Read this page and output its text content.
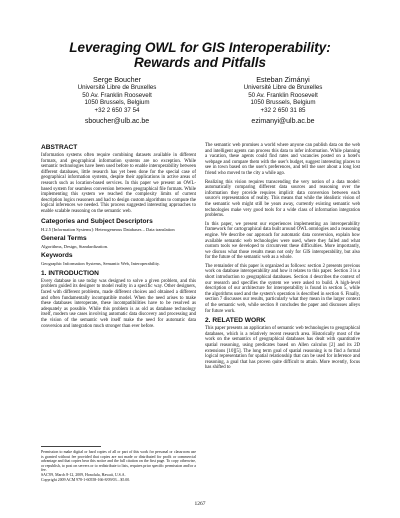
Leveraging OWL for GIS Interoperability:
Rewards and Pitfalls
Serge Boucher
Université Libre de Bruxelles
50 Av. Franklin Roosevelt
1050 Brussels, Belgium
+32 2 650 37 54
sboucher@ulb.ac.be
Esteban Zimányi
Université Libre de Bruxelles
50 Av. Franklin Roosevelt
1050 Brussels, Belgium
+32 2 650 31 85
ezimanyi@ulb.ac.be
ABSTRACT
Information systems often require combining datasets available in different formats, and geographical information systems are no exception. While semantic technologies have been used before to enable interoperability between different databases, little research has yet been done for the special case of geographical information systems, despite their applications in active areas of research such as location-based services. In this paper we present an OWL-based system for seamless conversion between geographical file formats. While implementing this system we reached the complexity limits of current description logics reasoners and had to design custom algorithms to compute the logical inferences we needed. This process suggested interesting approaches to enable scalable reasoning on the semantic web.
Categories and Subject Descriptors
H.2.5 [Information Systems]: Heterogeneous Databases – Data translation
General Terms
Algorithms, Design, Standardization.
Keywords
Geographic Information Systems, Semantic Web, Interoperability.
1. INTRODUCTION
Every database in use today was designed to solve a given problem, and this problem guided its designer to model reality in a specific way. Other designers, faced with different problems, made different choices and obtained a different and often fundamentally incompatible model. When the need arises to make these databases interoperate, these incompatibilities have to be resolved as adequately as possible. While this problem is as old as database technology itself, modern use cases involving automatic data discovery and processing and the vision of the semantic web itself make the need for automatic data conversion and integration much stronger than ever before.
Permission to make digital or hard copies of all or part of this work for personal or classroom use is granted without fee provided that copies are not made or distributed for profit or commercial advantage and that copies bear this notice and the full citation on the first page. To copy otherwise, or republish, to post on servers or to redistribute to lists, requires prior specific permission and/or a fee.
SAC'09, March 8-12, 2009, Honolulu, Hawaii, U.S.A.
Copyright 2009 ACM 978-1-60558-166-8/09/03…$5.00.
The semantic web promises a world where anyone can publish data on the web and intelligent agents can process this data to infer information. While planning a vacation, these agents could find rates and vacancies posted on a hotel's webpage and compare them with the user's budget, suggest interesting places to see in town based on the user's preferences, and tell the user about a long lost friend who moved to the city a while ago.
Realizing this vision requires transcending the very notion of a data model: automatically comparing different data sources and reasoning over the information they provide requires implicit data conversion between each source's representation of reality. This means that while the idealistic vision of the semantic web might still be years away, currently existing semantic web technologies make very good tools for a wide class of information integration problems.
In this paper, we present our experiences implementing an interoperability framework for cartographical data built around OWL ontologies and a reasoning engine. We describe our approach for automatic data conversion, explain how available semantic web technologies were used, where they failed and what custom tools we developed to circumvent these difficulties. More importantly, we discuss what those results mean not only for GIS interoperability, but also for the future of the semantic web as a whole.
The remainder of this paper is organized as follows: section 2 presents previous work on database interoperability and how it relates to this paper. Section 3 is a short introduction to geographical databases. Section 4 describes the context of our research and specifies the system we were asked to build. A high-level description of our architecture for interoperability is found in section 5, while the algorithms used and the system's operation is described in section 6. Finally, section 7 discusses our results, particularly what they mean in the larger context of the semantic web, while section 8 concludes the paper and discusses alleys for future work.
2. RELATED WORK
This paper presents an application of semantic web technologies to geographical databases, which is a relatively recent research area. Historically most of the work on the semantics of geographical databases has dealt with quantitative spatial reasoning, using predicates based on Allen calculus [2] and its 2D extensions [10][5]. The long term goal of spatial reasoning is to find a formal logical representation for spatial relationship that can be used for inference and reasoning, a goal that has proven quite difficult to attain. More recently, focus has shifted to
1267
